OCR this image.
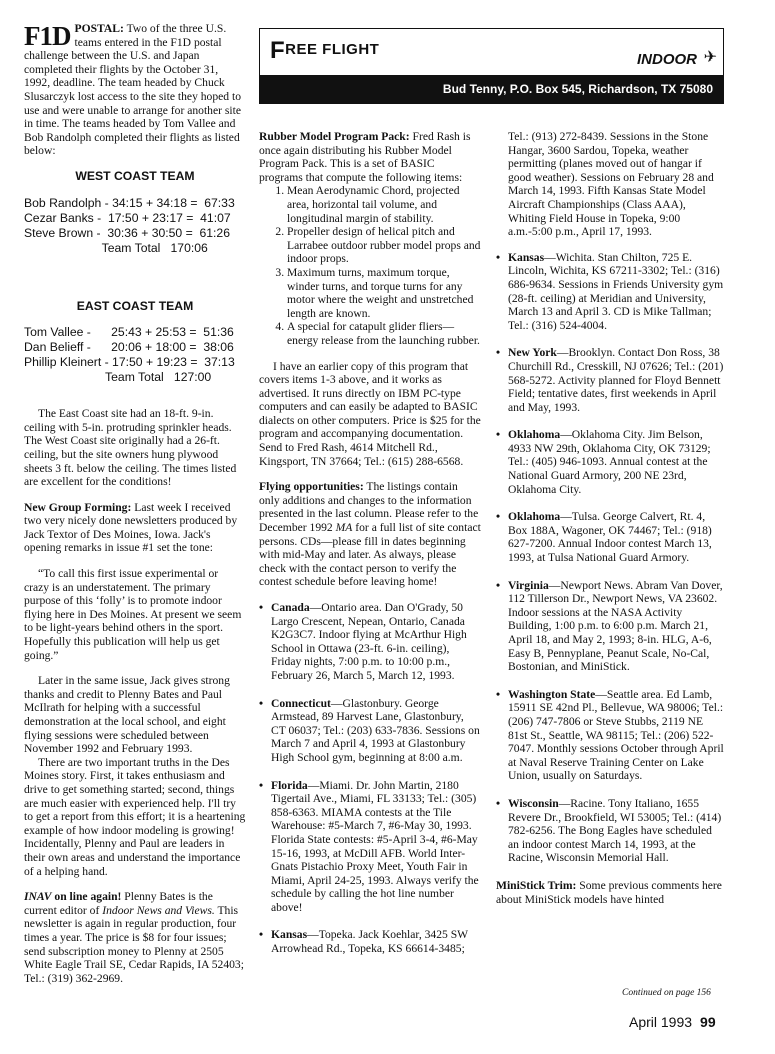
FREE FLIGHT
INDOOR ✈
Bud Tenny, P.O. Box 545, Richardson, TX 75080

F1D POSTAL: Two of the three U.S. teams entered in the F1D postal challenge between the U.S. and Japan completed their flights by the October 31, 1992, deadline. The team headed by Chuck Slusarczyk lost access to the site they hoped to use and were unable to arrange for another site in time. The teams headed by Tom Vallee and Bob Randolph completed their flights as listed below:

WEST COAST TEAM
Bob Randolph - 34:15 + 34:18 =  67:33
Cezar Banks -  17:50 + 23:17 =  41:07
Steve Brown -  30:36 + 30:50 =  61:26
Team Total   170:06
EAST COAST TEAM
Tom Vallee -      25:43 + 25:53 =  51:36
Dan Belieff -      20:06 + 18:00 =  38:06
Phillip Kleinert - 17:50 + 19:23 =  37:13
Team Total   127:00

The East Coast site had an 18-ft. 9-in. ceiling with 5-in. protruding sprinkler heads. The West Coast site originally had a 26-ft. ceiling, but the site owners hung plywood sheets 3 ft. below the ceiling. The times listed are excellent for the conditions!

New Group Forming: Last week I received two very nicely done newsletters produced by Jack Textor of Des Moines, Iowa. Jack's opening remarks in issue #1 set the tone:

“To call this first issue experimental or crazy is an understatement. The primary purpose of this ‘folly’ is to promote indoor flying here in Des Moines. At present we seem to be light-years behind others in the sport. Hopefully this publication will help us get going.”

Later in the same issue, Jack gives strong thanks and credit to Plenny Bates and Paul McIlrath for helping with a successful demonstration at the local school, and eight flying sessions were scheduled between November 1992 and February 1993.

There are two important truths in the Des Moines story. First, it takes enthusiasm and drive to get something started; second, things are much easier with experienced help. I'll try to get a report from this effort; it is a heartening example of how indoor modeling is growing! Incidentally, Plenny and Paul are leaders in their own areas and understand the importance of a helping hand.

INAV on line again! Plenny Bates is the current editor of Indoor News and Views. This newsletter is again in regular production, four times a year. The price is $8 for four issues; send subscription money to Plenny at 2505 White Eagle Trail SE, Cedar Rapids, IA 52403; Tel.: (319) 362-2969.

Rubber Model Program Pack: Fred Rash is once again distributing his Rubber Model Program Pack. This is a set of BASIC programs that compute the following items:

1. Mean Aerodynamic Chord, projected area, horizontal tail volume, and longitudinal margin of stability.
2. Propeller design of helical pitch and Larrabee outdoor rubber model props and indoor props.
3. Maximum turns, maximum torque, winder turns, and torque turns for any motor where the weight and unstretched length are known.
4. A special for catapult glider fliers—energy release from the launching rubber.

I have an earlier copy of this program that covers items 1-3 above, and it works as advertised. It runs directly on IBM PC-type computers and can easily be adapted to BASIC dialects on other computers. Price is $25 for the program and accompanying documentation. Send to Fred Rash, 4614 Mitchell Rd., Kingsport, TN 37664; Tel.: (615) 288-6568.

Flying opportunities: The listings contain only additions and changes to the information presented in the last column. Please refer to the December 1992 MA for a full list of site contact persons. CDs—please fill in dates beginning with mid-May and later. As always, please check with the contact person to verify the contest schedule before leaving home!

• Canada—Ontario area. Dan O'Grady, 50 Largo Crescent, Nepean, Ontario, Canada K2G3C7. Indoor flying at McArthur High School in Ottawa (23-ft. 6-in. ceiling), Friday nights, 7:00 p.m. to 10:00 p.m., February 26, March 5, March 12, 1993.
• Connecticut—Glastonbury. George Armstead, 89 Harvest Lane, Glastonbury, CT 06037; Tel.: (203) 633-7836. Sessions on March 7 and April 4, 1993 at Glastonbury High School gym, beginning at 8:00 a.m.
• Florida—Miami. Dr. John Martin, 2180 Tigertail Ave., Miami, FL 33133; Tel.: (305) 858-6363. MIAMA contests at the Tile Warehouse: #5-March 7, #6-May 30, 1993. Florida State contests: #5-April 3-4, #6-May 15-16, 1993, at McDill AFB. World Inter-Gnats Pistachio Proxy Meet, Youth Fair in Miami, April 24-25, 1993. Always verify the schedule by calling the hot line number above!
• Kansas—Topeka. Jack Koehlar, 3425 SW Arrowhead Rd., Topeka, KS 66614-3485;

Tel.: (913) 272-8439. Sessions in the Stone Hangar, 3600 Sardou, Topeka, weather permitting (planes moved out of hangar if good weather). Sessions on February 28 and March 14, 1993. Fifth Kansas State Model Aircraft Championships (Class AAA), Whiting Field House in Topeka, 9:00 a.m.-5:00 p.m., April 17, 1993.

• Kansas—Wichita. Stan Chilton, 725 E. Lincoln, Wichita, KS 67211-3302; Tel.: (316) 686-9634. Sessions in Friends University gym (28-ft. ceiling) at Meridian and University, March 13 and April 3. CD is Mike Tallman; Tel.: (316) 524-4004.
• New York—Brooklyn. Contact Don Ross, 38 Churchill Rd., Cresskill, NJ 07626; Tel.: (201) 568-5272. Activity planned for Floyd Bennett Field; tentative dates, first weekends in April and May, 1993.
• Oklahoma—Oklahoma City. Jim Belson, 4933 NW 29th, Oklahoma City, OK 73129; Tel.: (405) 946-1093. Annual contest at the National Guard Armory, 200 NE 23rd, Oklahoma City.
• Oklahoma—Tulsa. George Calvert, Rt. 4, Box 188A, Wagoner, OK 74467; Tel.: (918) 627-7200. Annual Indoor contest March 13, 1993, at Tulsa National Guard Armory.
• Virginia—Newport News. Abram Van Dover, 112 Tillerson Dr., Newport News, VA 23602. Indoor sessions at the NASA Activity Building, 1:00 p.m. to 6:00 p.m. March 21, April 18, and May 2, 1993; 8-in. HLG, A-6, Easy B, Pennyplane, Peanut Scale, No-Cal, Bostonian, and MiniStick.
• Washington State—Seattle area. Ed Lamb, 15911 SE 42nd Pl., Bellevue, WA 98006; Tel.: (206) 747-7806 or Steve Stubbs, 2119 NE 81st St., Seattle, WA 98115; Tel.: (206) 522-7047. Monthly sessions October through April at Naval Reserve Training Center on Lake Union, usually on Saturdays.
• Wisconsin—Racine. Tony Italiano, 1655 Revere Dr., Brookfield, WI 53005; Tel.: (414) 782-6256. The Bong Eagles have scheduled an indoor contest March 14, 1993, at the Racine, Wisconsin Memorial Hall.

MiniStick Trim: Some previous comments here about MiniStick models have hinted

Continued on page 156
April 1993 99
